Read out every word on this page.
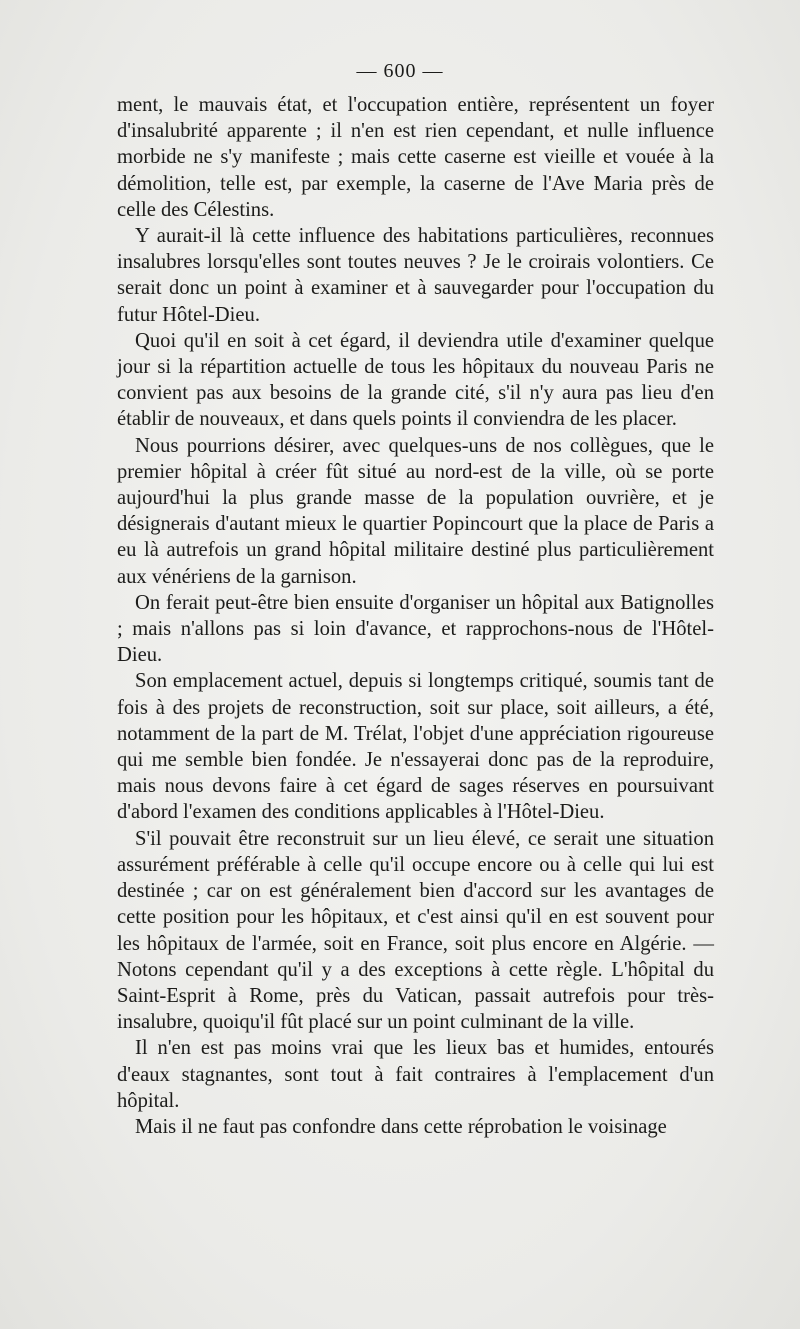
— 600 —

ment, le mauvais état, et l'occupation entière, représentent un foyer d'insalubrité apparente ; il n'en est rien cependant, et nulle influence morbide ne s'y manifeste ; mais cette caserne est vieille et vouée à la démolition, telle est, par exemple, la caserne de l'Ave Maria près de celle des Célestins.

Y aurait-il là cette influence des habitations particulières, reconnues insalubres lorsqu'elles sont toutes neuves ? Je le croirais volontiers. Ce serait donc un point à examiner et à sauvegarder pour l'occupation du futur Hôtel-Dieu.

Quoi qu'il en soit à cet égard, il deviendra utile d'examiner quelque jour si la répartition actuelle de tous les hôpitaux du nouveau Paris ne convient pas aux besoins de la grande cité, s'il n'y aura pas lieu d'en établir de nouveaux, et dans quels points il conviendra de les placer.

Nous pourrions désirer, avec quelques-uns de nos collègues, que le premier hôpital à créer fût situé au nord-est de la ville, où se porte aujourd'hui la plus grande masse de la population ouvrière, et je désignerais d'autant mieux le quartier Popincourt que la place de Paris a eu là autrefois un grand hôpital militaire destiné plus particulièrement aux vénériens de la garnison.

On ferait peut-être bien ensuite d'organiser un hôpital aux Batignolles ; mais n'allons pas si loin d'avance, et rapprochons-nous de l'Hôtel-Dieu.

Son emplacement actuel, depuis si longtemps critiqué, soumis tant de fois à des projets de reconstruction, soit sur place, soit ailleurs, a été, notamment de la part de M. Trélat, l'objet d'une appréciation rigoureuse qui me semble bien fondée. Je n'essayerai donc pas de la reproduire, mais nous devons faire à cet égard de sages réserves en poursuivant d'abord l'examen des conditions applicables à l'Hôtel-Dieu.

S'il pouvait être reconstruit sur un lieu élevé, ce serait une situation assurément préférable à celle qu'il occupe encore ou à celle qui lui est destinée ; car on est généralement bien d'accord sur les avantages de cette position pour les hôpitaux, et c'est ainsi qu'il en est souvent pour les hôpitaux de l'armée, soit en France, soit plus encore en Algérie. — Notons cependant qu'il y a des exceptions à cette règle. L'hôpital du Saint-Esprit à Rome, près du Vatican, passait autrefois pour très-insalubre, quoiqu'il fût placé sur un point culminant de la ville.

Il n'en est pas moins vrai que les lieux bas et humides, entourés d'eaux stagnantes, sont tout à fait contraires à l'emplacement d'un hôpital.

Mais il ne faut pas confondre dans cette réprobation le voisinage
